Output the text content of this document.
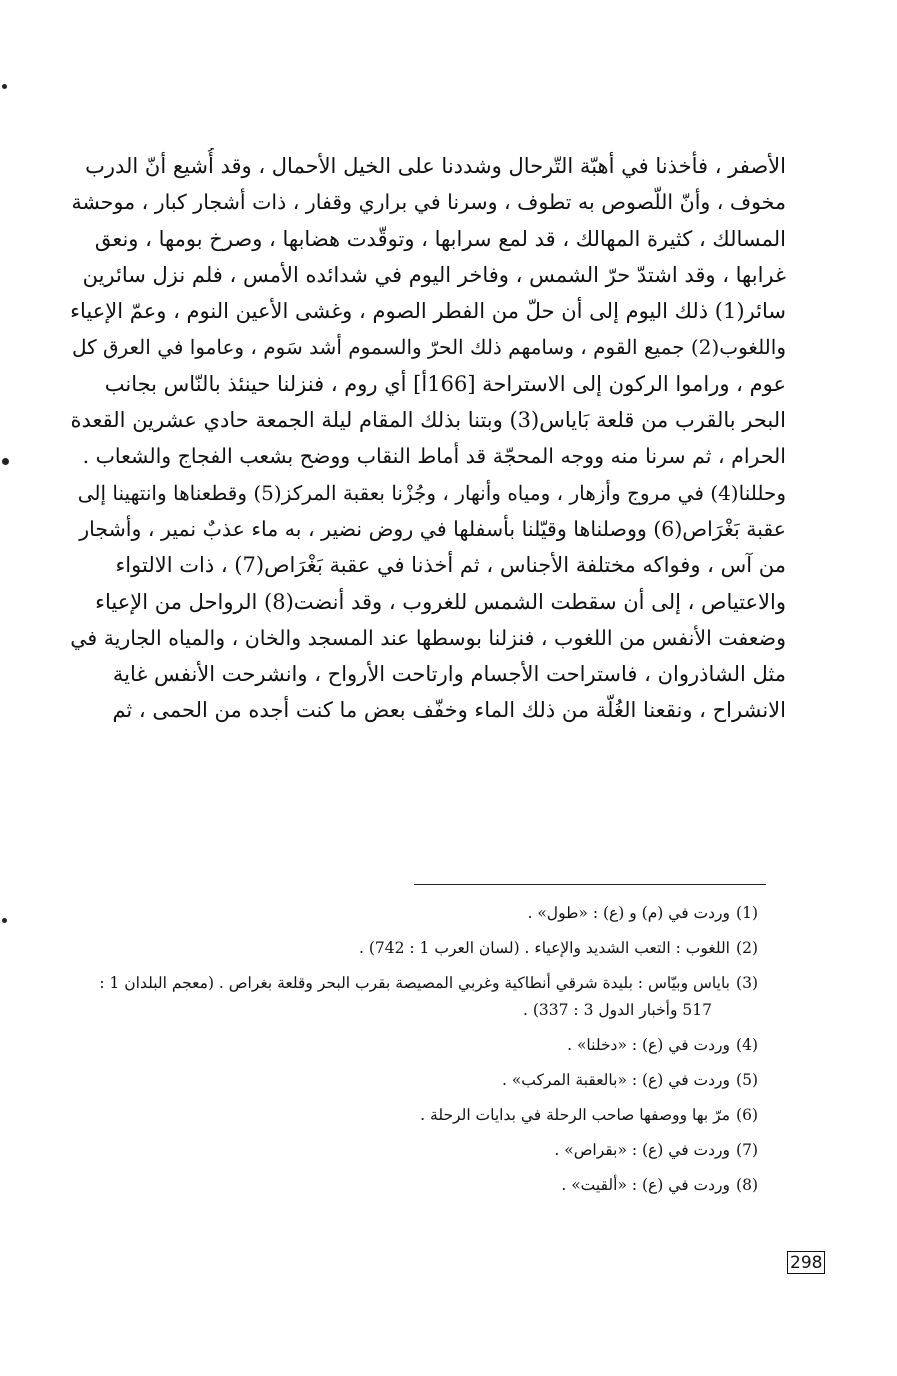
الأصفر ، فأخذنا في أهبّة التّرحال وشددنا على الخيل الأحمال ، وقد أُشيع أنّ الدرب
مخوف ، وأنّ اللّصوص به تطوف ، وسرنا في براري وقفار ، ذات أشجار كبار ، موحشة
المسالك ، كثيرة المهالك ، قد لمع سرابها ، وتوقّدت هضابها ، وصرخ بومها ، ونعق
غرابها ، وقد اشتدّ حرّ الشمس ، وفاخر اليوم في شدائده الأمس ، فلم نزل سائرين
سائر(1) ذلك اليوم إلى أن حلّ من الفطر الصوم ، وغشى الأعين النوم ، وعمّ الإعياء
واللغوب(2) جميع القوم ، وسامهم ذلك الحرّ والسموم أشد سَوم ، وعاموا في العرق كل
عوم ، وراموا الركون إلى الاستراحة [166أ] أي روم ، فنزلنا حينئذ بالنّاس بجانب
البحر بالقرب من قلعة بَاياس(3) وبتنا بذلك المقام ليلة الجمعة حادي عشرين القعدة
الحرام ، ثم سرنا منه ووجه المحجّة قد أماط النقاب ووضح بشعب الفجاج والشعاب .
وحللنا(4) في مروج وأزهار ، ومياه وأنهار ، وجُزْنا بعقبة المركز(5) وقطعناها وانتهينا إلى
عقبة بَغْرَاص(6) ووصلناها وقيّلنا بأسفلها في روض نضير ، به ماء عذبٌ نمير ، وأشجار
من آس ، وفواكه مختلفة الأجناس ، ثم أخذنا في عقبة بَغْرَاص(7) ، ذات الالتواء
والاعتياص ، إلى أن سقطت الشمس للغروب ، وقد أنضت(8) الرواحل من الإعياء
وضعفت الأنفس من اللغوب ، فنزلنا بوسطها عند المسجد والخان ، والمياه الجارية في
مثل الشاذروان ، فاستراحت الأجسام وارتاحت الأرواح ، وانشرحت الأنفس غاية
الانشراح ، ونقعنا الغُلّة من ذلك الماء وخفّف بعض ما كنت أجده من الحمى ، ثم
(1)وردت في (م) و (ع) : «طول» .
(2)اللغوب : التعب الشديد والإعياء . (لسان العرب 1 : 742) .
(3)باياس وبيّاس : بليدة شرقي أنطاكية وغربي المصيصة بقرب البحر وقلعة بغراص . (معجم البلدان 1 :
517 وأخبار الدول 3 : 337) .
(4)وردت في (ع) : «دخلنا» .
(5)وردت في (ع) : «بالعقبة المركب» .
(6)مرّ بها ووصفها صاحب الرحلة في بدايات الرحلة .
(7)وردت في (ع) : «بقراص» .
(8)وردت في (ع) : «ألقيت» .
298
